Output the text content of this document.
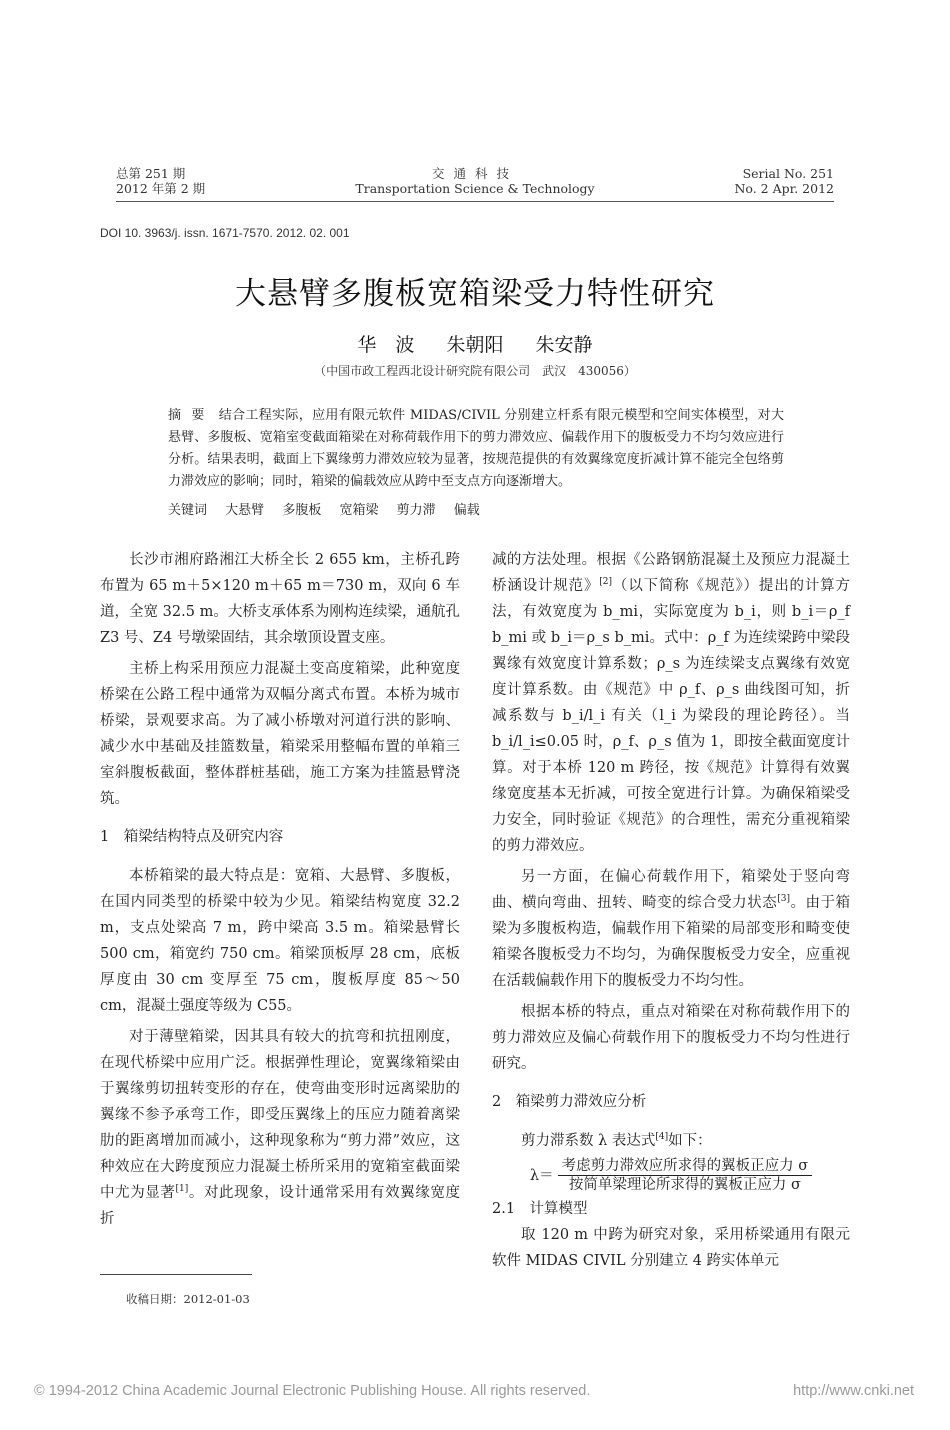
总第 251 期
2012 年第 2 期
交通科技
Transportation Science & Technology
Serial No. 251
No. 2 Apr. 2012
DOI 10. 3963/j. issn. 1671-7570. 2012. 02. 001
大悬臂多腹板宽箱梁受力特性研究
华　波 朱朝阳 朱安静
（中国市政工程西北设计研究院有限公司　武汉　430056）
摘要 结合工程实际，应用有限元软件 MIDAS/CIVIL 分别建立杆系有限元模型和空间实体模型，对大悬臂、多腹板、宽箱室变截面箱梁在对称荷载作用下的剪力滞效应、偏载作用下的腹板受力不均匀效应进行分析。结果表明，截面上下翼缘剪力滞效应较为显著，按规范提供的有效翼缘宽度折减计算不能完全包络剪力滞效应的影响；同时，箱梁的偏载效应从跨中至支点方向逐渐增大。
关键词 大悬臂 多腹板 宽箱梁 剪力滞 偏载

长沙市湘府路湘江大桥全长 2 655 km，主桥孔跨布置为 65 m＋5×120 m＋65 m＝730 m，双向 6 车道，全宽 32.5 m。大桥支承体系为刚构连续梁，通航孔 Z3 号、Z4 号墩梁固结，其余墩顶设置支座。

主桥上构采用预应力混凝土变高度箱梁，此种宽度桥梁在公路工程中通常为双幅分离式布置。本桥为城市桥梁，景观要求高。为了减小桥墩对河道行洪的影响、减少水中基础及挂篮数量，箱梁采用整幅布置的单箱三室斜腹板截面，整体群桩基础，施工方案为挂篮悬臂浇筑。

1　箱梁结构特点及研究内容

本桥箱梁的最大特点是：宽箱、大悬臂、多腹板，在国内同类型的桥梁中较为少见。箱梁结构宽度 32.2 m，支点处梁高 7 m，跨中梁高 3.5 m。箱梁悬臂长 500 cm，箱宽约 750 cm。箱梁顶板厚 28 cm，底板厚度由 30 cm 变厚至 75 cm，腹板厚度 85～50 cm，混凝土强度等级为 C55。

对于薄壁箱梁，因其具有较大的抗弯和抗扭刚度，在现代桥梁中应用广泛。根据弹性理论，宽翼缘箱梁由于翼缘剪切扭转变形的存在，使弯曲变形时远离梁肋的翼缘不参予承弯工作，即受压翼缘上的压应力随着离梁肋的距离增加而减小，这种现象称为“剪力滞”效应，这种效应在大跨度预应力混凝土桥所采用的宽箱室截面梁中尤为显著[1]。对此现象，设计通常采用有效翼缘宽度折

收稿日期：2012-01-03

减的方法处理。根据《公路钢筋混凝土及预应力混凝土桥涵设计规范》[2]（以下简称《规范》）提出的计算方法，有效宽度为 b_mi，实际宽度为 b_i，则 b_i＝ρ_f b_mi 或 b_i＝ρ_s b_mi。式中：ρ_f 为连续梁跨中梁段翼缘有效宽度计算系数；ρ_s 为连续梁支点翼缘有效宽度计算系数。由《规范》中 ρ_f、ρ_s 曲线图可知，折减系数与 b_i/l_i 有关（l_i 为梁段的理论跨径）。当 b_i/l_i≤0.05 时，ρ_f、ρ_s 值为 1，即按全截面宽度计算。对于本桥 120 m 跨径，按《规范》计算得有效翼缘宽度基本无折减，可按全宽进行计算。为确保箱梁受力安全，同时验证《规范》的合理性，需充分重视箱梁的剪力滞效应。

另一方面，在偏心荷载作用下，箱梁处于竖向弯曲、横向弯曲、扭转、畸变的综合受力状态[3]。由于箱梁为多腹板构造，偏载作用下箱梁的局部变形和畸变使箱梁各腹板受力不均匀，为确保腹板受力安全，应重视在活载偏载作用下的腹板受力不均匀性。

根据本桥的特点，重点对箱梁在对称荷载作用下的剪力滞效应及偏心荷载作用下的腹板受力不均匀性进行研究。

2　箱梁剪力滞效应分析

剪力滞系数 λ 表达式[4]如下：

$\lambda= \frac{\text{考虑剪力滞效应所求得的翼板正应力 σ}}{\text{按简单梁理论所求得的翼板正应力 σ}}$
2.1　计算模型

取 120 m 中跨为研究对象，采用桥梁通用有限元软件 MIDAS CIVIL 分别建立 4 跨实体单元

© 1994-2012 China Academic Journal Electronic Publishing House. All rights reserved.	http://www.cnki.net
